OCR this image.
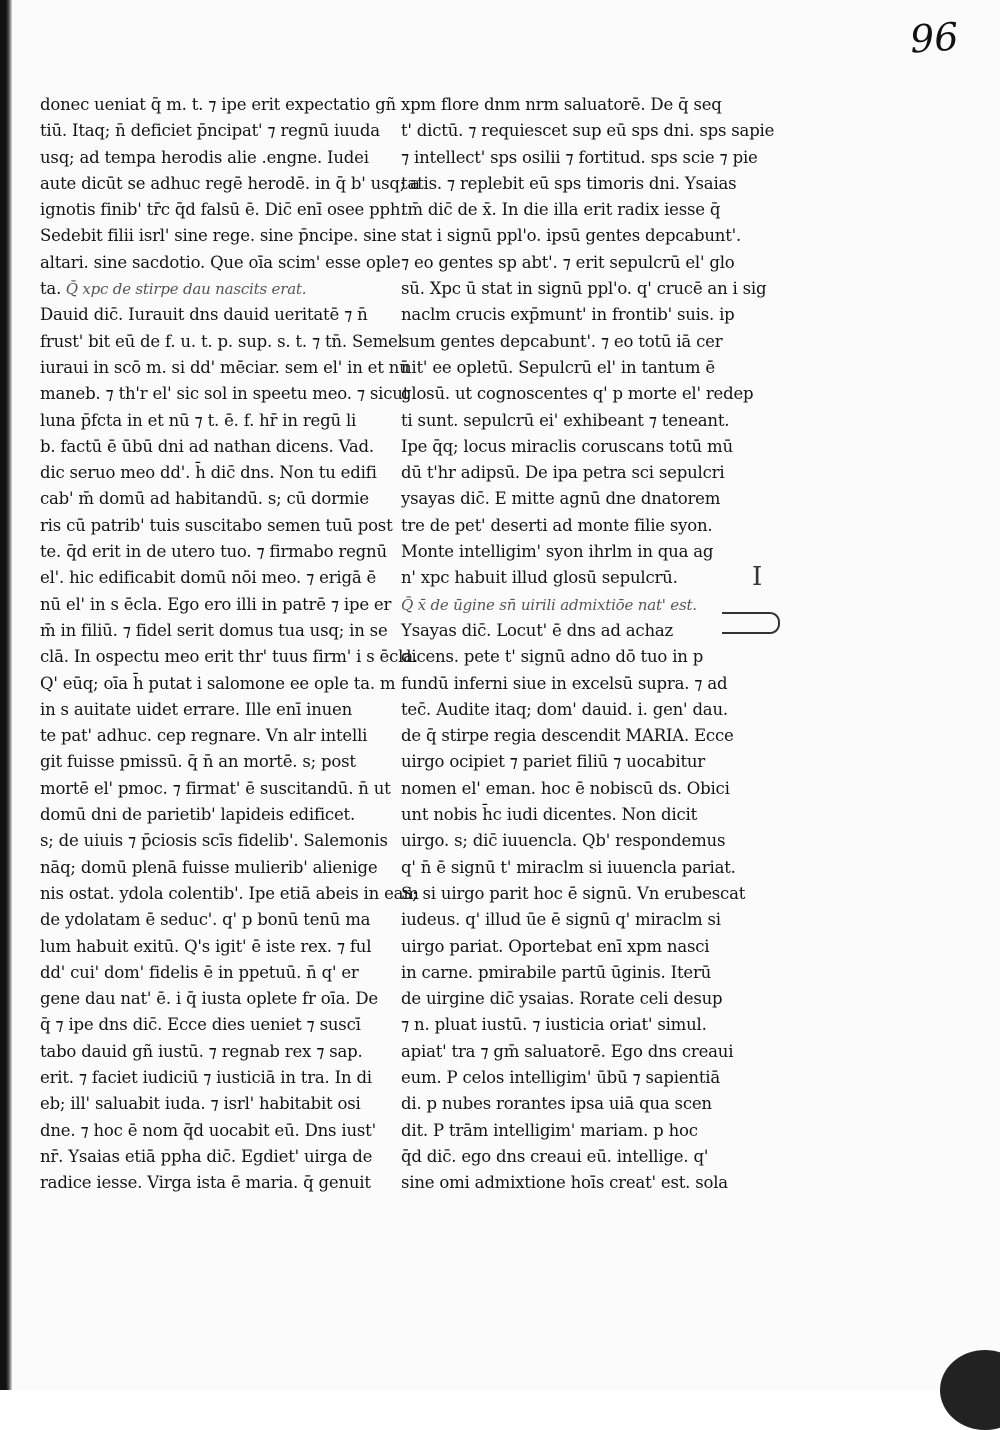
96
donec ueniat q̄ m. t. ⁊ ipe erit expectatio gñ
tiū. Itaq; n̄ deficiet p̄ncipat' ⁊ regnū iuuda
usq; ad tempa herodis alie .engne. Iudei
aute dicūt se adhuc regē herodē. in q̄ b' usq; a
ignotis finib' tr̄c q̄d falsū ē. Dic̄ enī osee pph.
Sedebit filii isrl' sine rege. sine p̄ncipe. sine
altari. sine sacdotio. Que oīa scim' esse ople
ta. Q̄ xpc de stirpe dau nascits erat.
Dauid dic̄. Iurauit dns dauid ueritatē ⁊ n̄
frust' bit eū de f. u. t. p. sup. s. t. ⁊ tn̄. Semel
iuraui in scō m. si dd' mēciar. sem el' in et nū
maneb. ⁊ th'r el' sic sol in speetu meo. ⁊ sicut
luna p̄fcta in et nū ⁊ t. ē. f. hr̄ in regū li
b. factū ē ūbū dni ad nathan dicens. Vad.
dic seruo meo dd'. h̄ dic̄ dns. Non tu edifi
cab' m̄ domū ad habitandū. s; cū dormie
ris cū patrib' tuis suscitabo semen tuū post
te. q̄d erit in de utero tuo. ⁊ firmabo regnū
el'. hic edificabit domū nōi meo. ⁊ erigā ē
nū el' in s ēcla. Ego ero illi in patrē ⁊ ipe er
m̄ in filiū. ⁊ fidel serit domus tua usq; in se
clā. In ospectu meo erit thr' tuus firm' i s ēcla.
Q' eūq; oīa h̄ putat i salomone ee ople ta. m
in s auitate uidet errare. Ille enī inuen
te pat' adhuc. cep regnare. Vn alr intelli
git fuisse pmissū. q̄ n̄ an mortē. s; post
mortē el' pmoc. ⁊ firmat' ē suscitandū. n̄ ut
domū dni de parietib' lapideis edificet.
s; de uiuis ⁊ p̄ciosis scīs fidelib'. Salemonis
nāq; domū plenā fuisse mulierib' alienige
nis ostat. ydola colentib'. Ipe etiā abeis in eam
de ydolatam ē seduc'. q' p bonū tenū ma
lum habuit exitū. Q's igit' ē iste rex. ⁊ ful
dd' cui' dom' fidelis ē in ppetuū. n̄ q' er
gene dau nat' ē. i q̄ iusta oplete fr oīa. De
q̄ ⁊ ipe dns dic̄. Ecce dies ueniet ⁊ suscī
tabo dauid gñ iustū. ⁊ regnab rex ⁊ sap.
erit. ⁊ faciet iudiciū ⁊ iusticiā in tra. In di
eb; ill' saluabit iuda. ⁊ isrl' habitabit osi
dne. ⁊ hoc ē nom q̄d uocabit eū. Dns iust'
nr̄. Ysaias etiā ppha dic̄. Egdiet' uirga de
radice iesse. Virga ista ē maria. q̄ genuit
xpm flore dnm nrm saluatorē. De q̄ seq
t' dictū. ⁊ requiescet sup eū sps dni. sps sapie
⁊ intellect' sps osilii ⁊ fortitud. sps scie ⁊ pie
tatis. ⁊ replebit eū sps timoris dni. Ysaias
tm̄ dic̄ de x̄. In die illa erit radix iesse q̄
stat i signū ppl'o. ipsū gentes depcabunt'.
⁊ eo gentes sp abt'. ⁊ erit sepulcrū el' glo
sū. Xpc ū stat in signū ppl'o. q' crucē an i sig
naclm crucis exp̄munt' in frontib' suis. ip
sum gentes depcabunt'. ⁊ eo totū iā cer
nit' ee opletū. Sepulcrū el' in tantum ē
glosū. ut cognoscentes q' p morte el' redep
ti sunt. sepulcrū ei' exhibeant ⁊ teneant.
Ipe q̄q; locus miraclis coruscans totū mū
dū t'hr adipsū. De ipa petra sci sepulcri
ysayas dic̄. E mitte agnū dne dnatorem
tre de pet' deserti ad monte filie syon.
Monte intelligim' syon ihrlm in qua ag
n' xpc habuit illud glosū sepulcrū.
Q̄ x̄ de ūgine sn̄ uirili admixtiōe nat' est.
Ysayas dic̄. Locut' ē dns ad achaz
dicens. pete t' signū adno dō tuo in p
fundū inferni siue in excelsū supra. ⁊ ad
tec̄. Audite itaq; dom' dauid. i. gen' dau.
de q̄ stirpe regia descendit MARIA. Ecce
uirgo ocipiet ⁊ pariet filiū ⁊ uocabitur
nomen el' eman. hoc ē nobiscū ds. Obici
unt nobis h̄c iudi dicentes. Non dicit
uirgo. s; dic̄ iuuencla. Qb' respondemus
q' n̄ ē signū t' miraclm si iuuencla pariat.
S; si uirgo parit hoc ē signū. Vn erubescat
iudeus. q' illud ūe ē signū q' miraclm si
uirgo pariat. Oportebat enī xpm nasci
in carne. pmirabile partū ūginis. Iterū
de uirgine dic̄ ysaias. Rorate celi desup
⁊ n. pluat iustū. ⁊ iusticia oriat' simul.
apiat' tra ⁊ gm̄ saluatorē. Ego dns creaui
eum. P celos intelligim' ūbū ⁊ sapientiā
di. p nubes rorantes ipsa uiā qua scen
dit. P trām intelligim' mariam. p hoc
q̄d dic̄. ego dns creaui eū. intellige. q'
sine omi admixtione hoīs creat' est. sola
I
